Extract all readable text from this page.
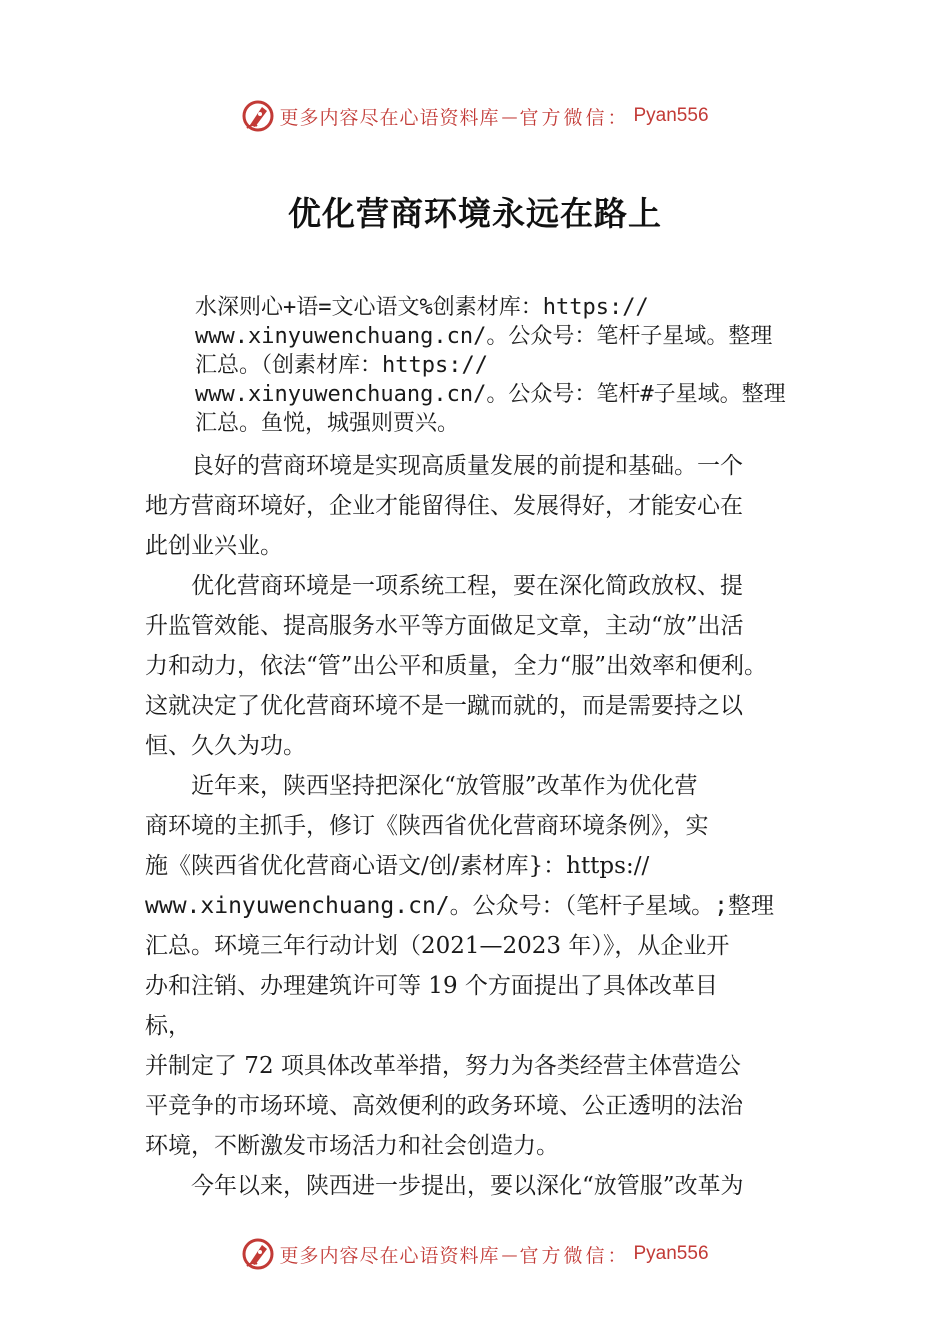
更多内容尽在心语资料库 — 官方微信： Pyan556
优化营商环境永远在路上
水深则心+语=文心语文%创素材库：https://
www.xinyuwenchuang.cn/。公众号：笔杆子星域。整理
汇总。（创素材库：https://
www.xinyuwenchuang.cn/。公众号：笔杆#子星域。整理
汇总。鱼悦，城强则贾兴。
　　良好的营商环境是实现高质量发展的前提和基础。一个
地方营商环境好，企业才能留得住、发展得好，才能安心在
此创业兴业。
　　优化营商环境是一项系统工程，要在深化简政放权、提
升监管效能、提高服务水平等方面做足文章，主动“放”出活
力和动力，依法“管”出公平和质量，全力“服”出效率和便利。
这就决定了优化营商环境不是一蹴而就的，而是需要持之以
恒、久久为功。
　　近年来，陕西坚持把深化“放管服”改革作为优化营
商环境的主抓手，修订《陕西省优化营商环境条例》，实
施《陕西省优化营商心语文/创/素材库}：https://
www.xinyuwenchuang.cn/。公众号：（笔杆子星域。;整理
汇总。环境三年行动计划（2021—2023 年）》，从企业开
办和注销、办理建筑许可等 19 个方面提出了具体改革目
标，
并制定了 72 项具体改革举措，努力为各类经营主体营造公
平竞争的市场环境、高效便利的政务环境、公正透明的法治
环境，不断激发市场活力和社会创造力。
　　今年以来，陕西进一步提出，要以深化“放管服”改革为
更多内容尽在心语资料库 — 官方微信： Pyan556
